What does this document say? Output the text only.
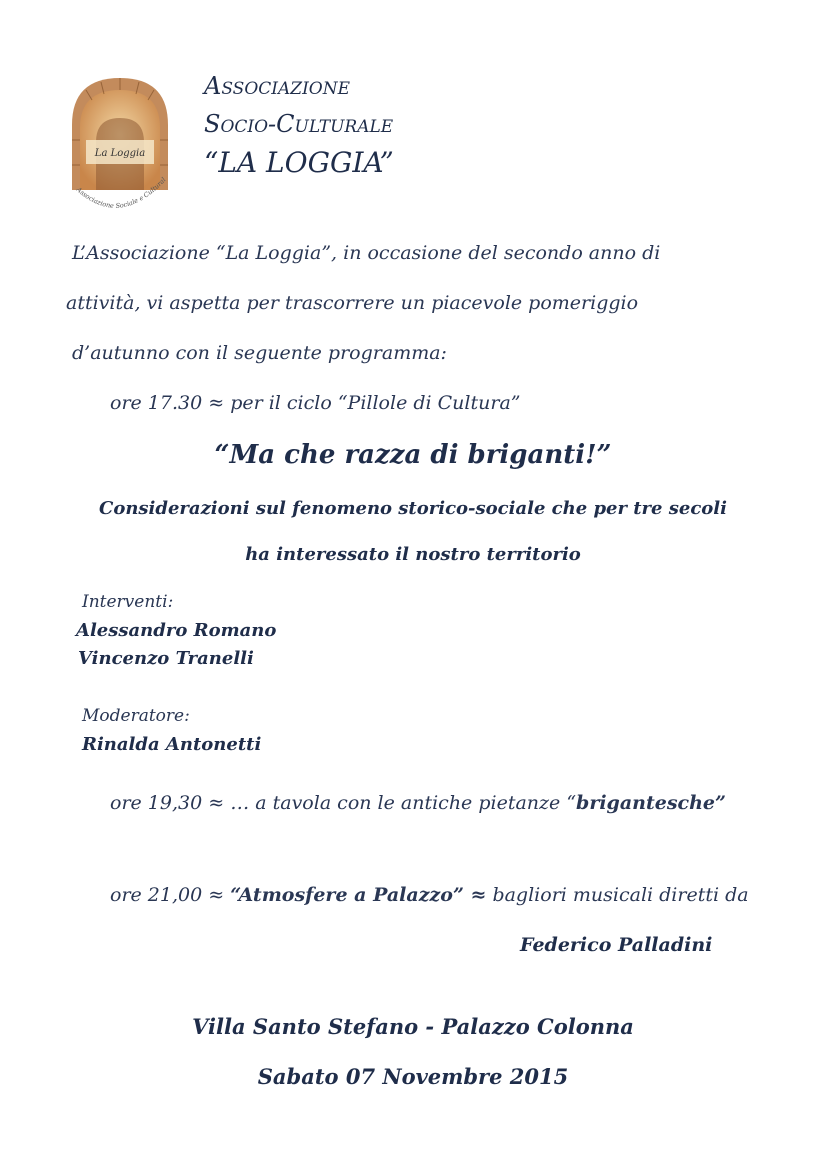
La Loggia
Associazione Sociale e Cultural
Associazione
Socio-Culturale
“LA LOGGIA”
L’Associazione “La Loggia”, in occasione del secondo anno di
attività, vi aspetta per trascorrere un piacevole pomeriggio
d’autunno con il seguente programma:
ore 17.30 ≈ per il ciclo “Pillole di Cultura”
“Ma che razza di briganti!”
Considerazioni sul fenomeno storico-sociale che per tre secoli
ha interessato il nostro territorio
Interventi:
Alessandro Romano
Vincenzo Tranelli
Moderatore:
Rinalda Antonetti
ore 19,30 ≈ … a tavola con le antiche pietanze “brigantesche”
ore 21,00 ≈ “Atmosfere a Palazzo” ≈ bagliori musicali diretti da
Federico Palladini
Villa Santo Stefano - Palazzo Colonna
Sabato 07 Novembre 2015
